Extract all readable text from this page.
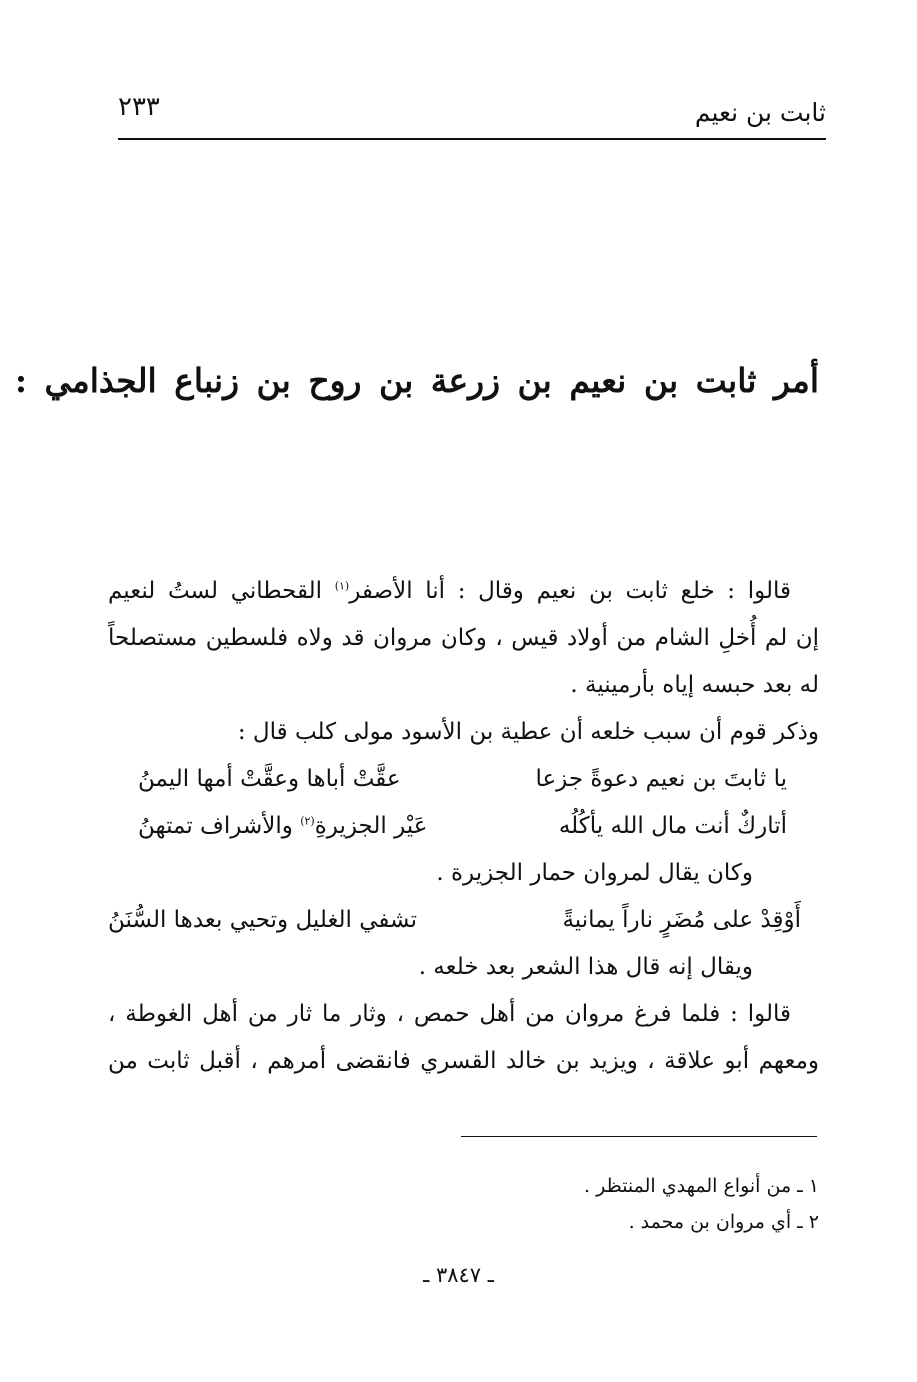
ثابت بن نعيم
٢٣٣
أمر ثابت بن نعيم بن زرعة بن روح بن زنباع الجذامي :
قالوا : خلع ثابت بن نعيم وقال : أنا الأصفر$^{(١)}$ القحطاني لستُ لنعيم
إن لم أُخلِ الشام من أولاد قيس ، وكان مروان قد ولاه فلسطين مستصلحاً
له بعد حبسه إياه بأرمينية .
وذكر قوم أن سبب خلعه أن عطية بن الأسود مولى كلب قال :
يا ثابتَ بن نعيم دعوةً جزعا
عقَّتْ أباها وعقَّتْ أمها اليمنُ
أتاركٌ أنت مال الله يأكُلُه
عَيْر الجزيرةِ$^{(٢)}$ والأشراف تمتهنُ
وكان يقال لمروان حمار الجزيرة .
أَوْقِدْ على مُضَرٍ ناراً يمانيةً
تشفي الغليل وتحيي بعدها السُّنَنُ
ويقال إنه قال هذا الشعر بعد خلعه .
قالوا : فلما فرغ مروان من أهل حمص ، وثار ما ثار من أهل الغوطة ،
ومعهم أبو علاقة ، ويزيد بن خالد القسري فانقضى أمرهم ، أقبل ثابت من
١ ـ من أنواع المهدي المنتظر .
٢ ـ أي مروان بن محمد .
ـ ٣٨٤٧ ـ
